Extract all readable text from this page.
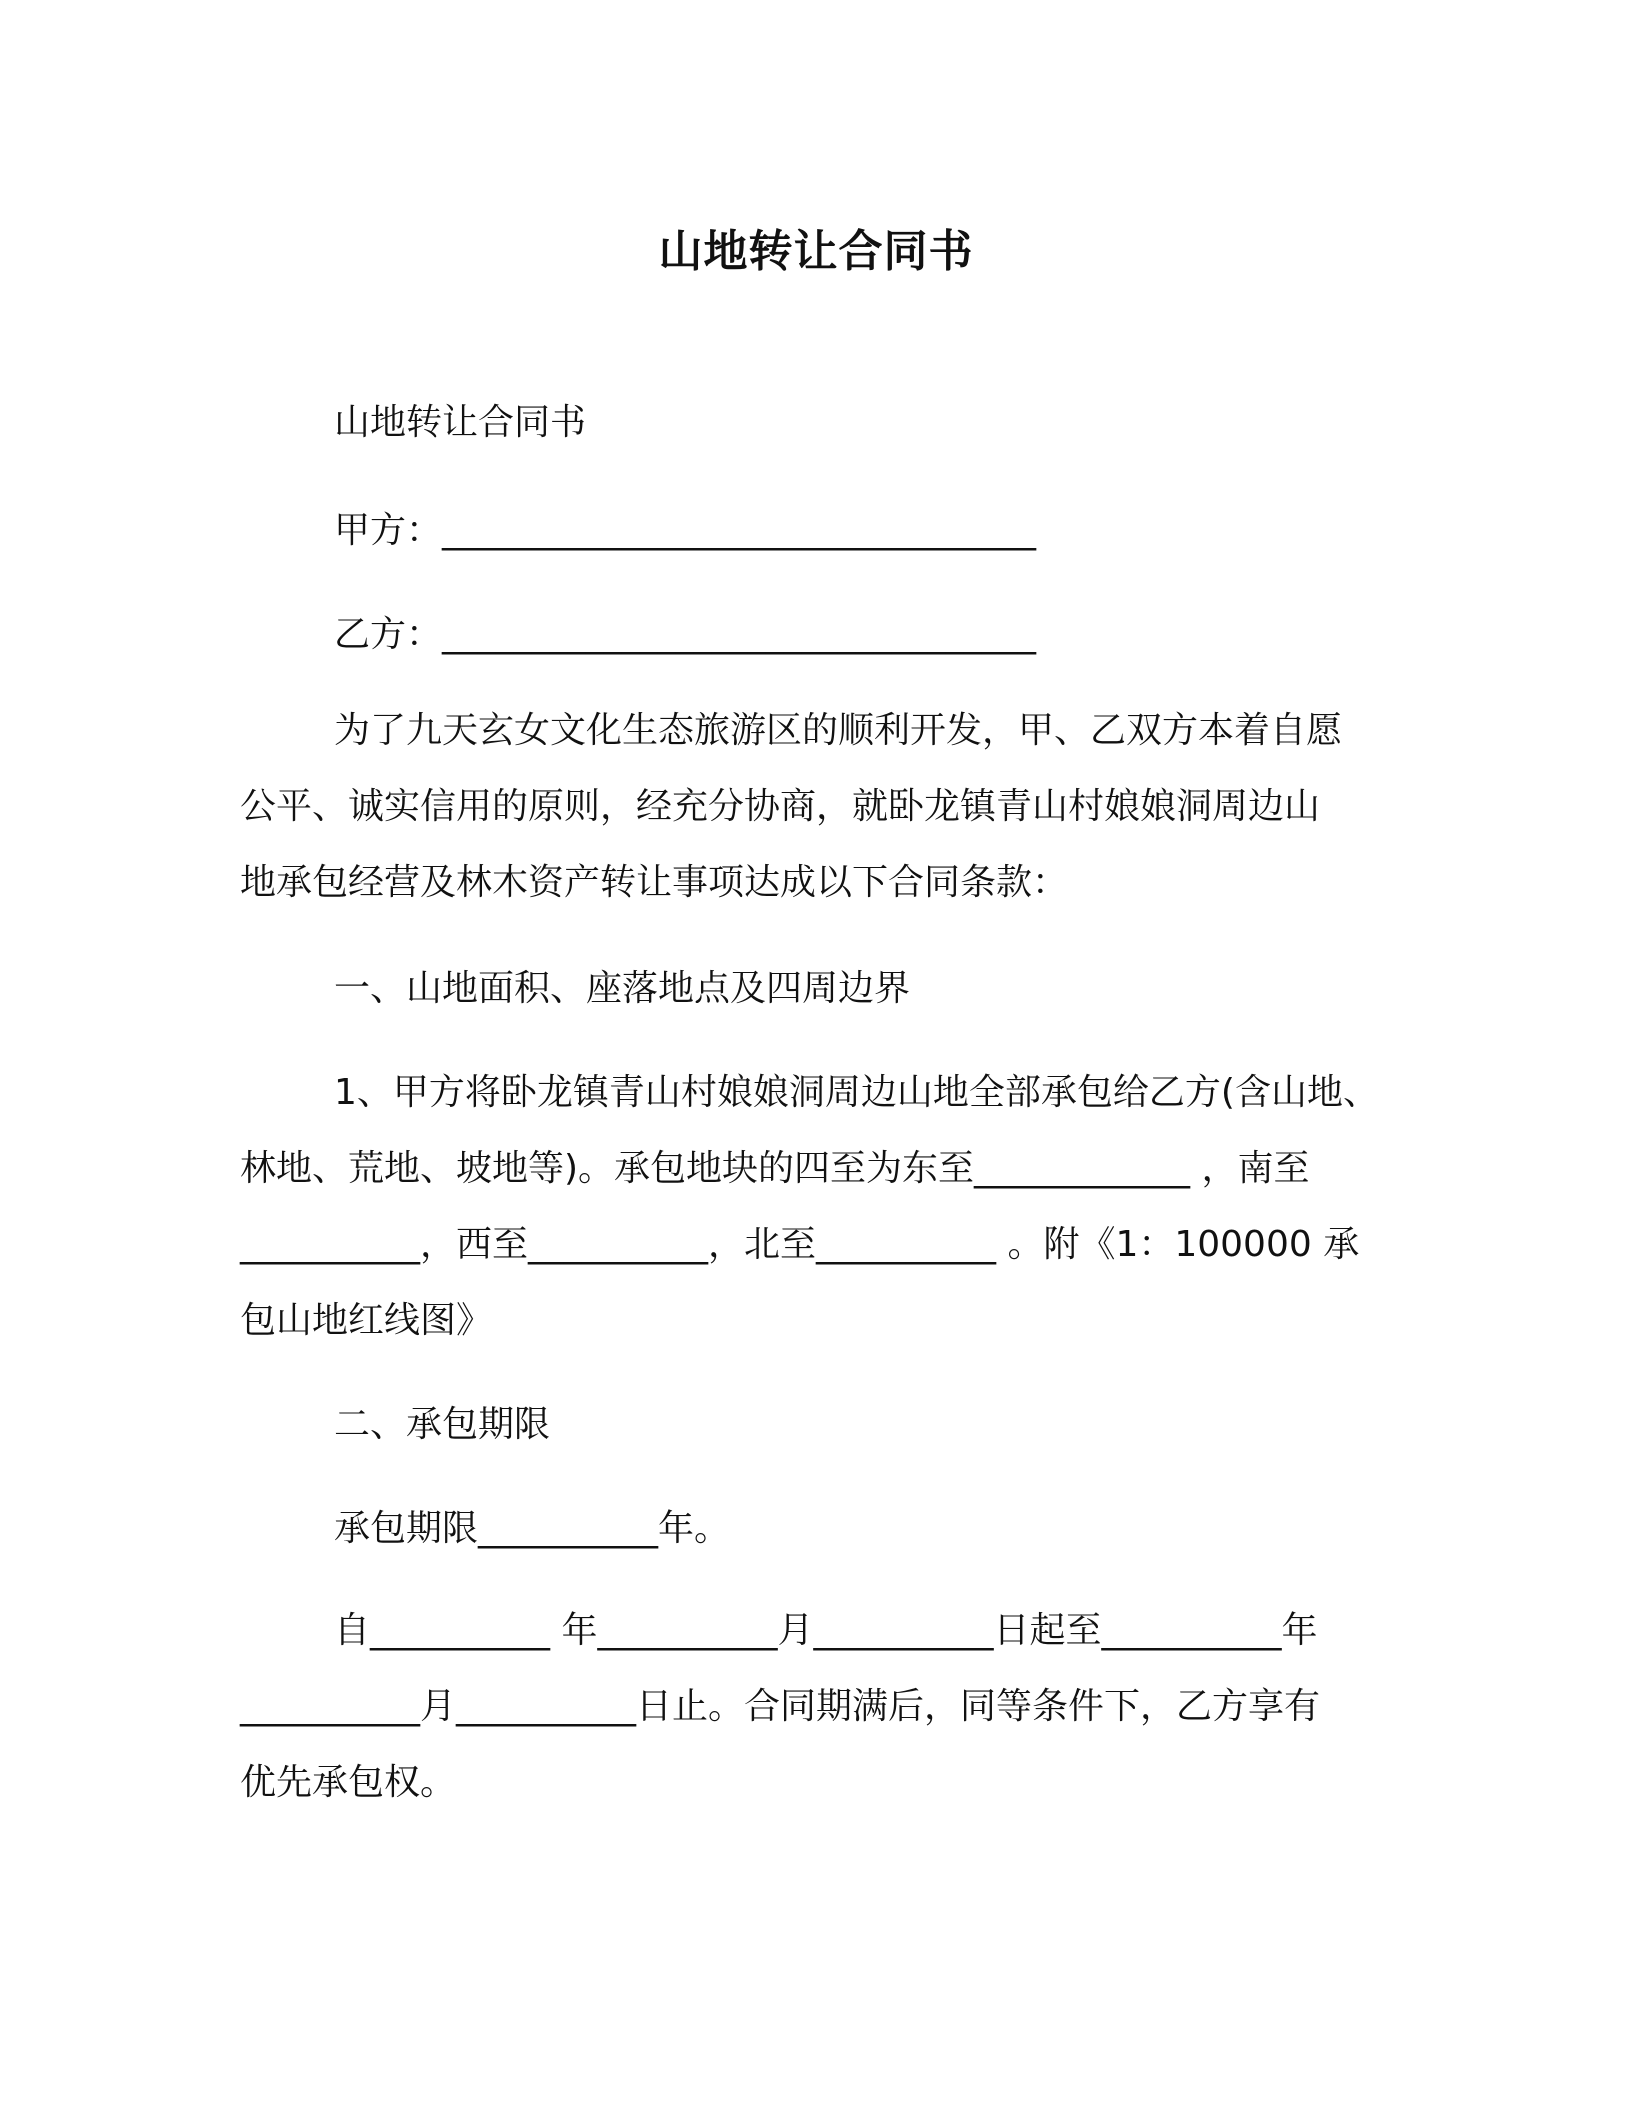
山地转让合同书
山地转让合同书
甲方：_________________________________
乙方：_________________________________
为了九天玄女文化生态旅游区的顺利开发，甲、乙双方本着自愿
公平、诚实信用的原则，经充分协商，就卧龙镇青山村娘娘洞周边山
地承包经营及林木资产转让事项达成以下合同条款：
一、山地面积、座落地点及四周边界
1、甲方将卧龙镇青山村娘娘洞周边山地全部承包给乙方(含山地、
林地、荒地、坡地等)。承包地块的四至为东至____________ ，南至
__________，西至__________，北至__________ 。附《1：100000 承
包山地红线图》
二、承包期限
承包期限__________年。
自__________ 年__________月__________日起至__________年
__________月__________日止。合同期满后，同等条件下，乙方享有
优先承包权。
